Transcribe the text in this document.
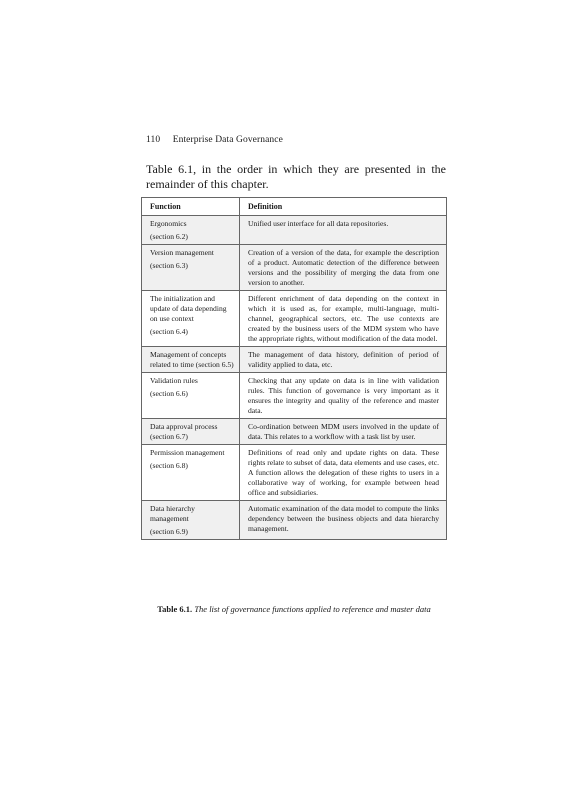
110 Enterprise Data Governance

Table 6.1, in the order in which they are presented in the remainder of this chapter.

Function	Definition

Ergonomics
(section 6.2)	Unified user interface for all data repositories.

Version management
(section 6.3)	Creation of a version of the data, for example the description of a product. Automatic detection of the difference between versions and the possibility of merging the data from one version to another.

The initialization and update of data depending on use context
(section 6.4)	Different enrichment of data depending on the context in which it is used as, for example, multi-language, multi-channel, geographical sectors, etc. The use contexts are created by the business users of the MDM system who have the appropriate rights, without modification of the data model.

Management of concepts related to time (section 6.5)	The management of data history, definition of period of validity applied to data, etc.

Validation rules
(section 6.6)	Checking that any update on data is in line with validation rules. This function of governance is very important as it ensures the integrity and quality of the reference and master data.

Data approval process (section 6.7)	Co-ordination between MDM users involved in the update of data. This relates to a workflow with a task list by user.

Permission management
(section 6.8)	Definitions of read only and update rights on data. These rights relate to subset of data, data elements and use cases, etc. A function allows the delegation of these rights to users in a collaborative way of working, for example between head office and subsidiaries.

Data hierarchy management
(section 6.9)	Automatic examination of the data model to compute the links dependency between the business objects and data hierarchy management.
Table 6.1. The list of governance functions applied to reference and master data
